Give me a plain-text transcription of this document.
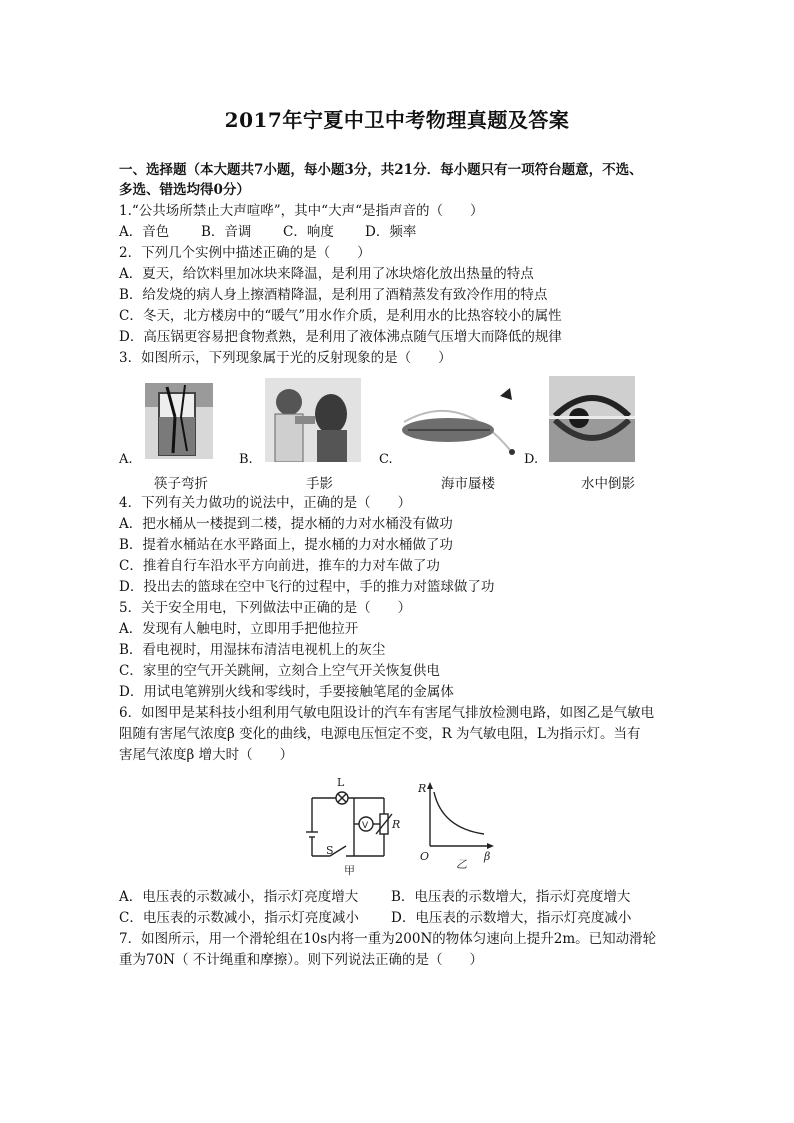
2017年宁夏中卫中考物理真题及答案
一、选择题（本大题共7小题，每小题3分，共21分．每小题只有一项符台题意，不选、
多选、错选均得0分）
1.“公共场所禁止大声喧哗”，其中“大声“是指声音的（　　）
A．音色 B．音调 C．响度 D．频率
2．下列几个实例中描述正确的是（　　）
A．夏天，给饮料里加冰块来降温，是利用了冰块熔化放出热量的特点
B．给发烧的病人身上擦酒精降温，是利用了酒精蒸发有致冷作用的特点
C．冬天，北方楼房中的“暖气”用水作介质，是利用水的比热容较小的属性
D．高压锅更容易把食物煮熟，是利用了液体沸点随气压增大而降低的规律
3．如图所示，下列现象属于光的反射现象的是（　　）
A.	B.	C.	D.
筷子弯折	手影	海市蜃楼	水中倒影
4．下列有关力做功的说法中，正确的是（　　）
A．把水桶从一楼提到二楼，提水桶的力对水桶没有做功
B．提着水桶站在水平路面上，提水桶的力对水桶做了功
C．推着自行车沿水平方向前进，推车的力对车做了功
D．投出去的篮球在空中飞行的过程中，手的推力对篮球做了功
5．关于安全用电，下列做法中正确的是（　　）
A．发现有人触电时，立即用手把他拉开
B．看电视时，用湿抹布清洁电视机上的灰尘
C．家里的空气开关跳闸，立刻合上空气开关恢复供电
D．用试电笔辨别火线和零线时，手要接触笔尾的金属体
6．如图甲是某科技小组利用气敏电阻设计的汽车有害尾气排放检测电路，如图乙是气敏电
阻随有害尾气浓度β 变化的曲线，电源电压恒定不变，R 为气敏电阻，L为指示灯。当有
害尾气浓度β 增大时（　　）
V
L
R
S
甲
R
O	β
乙
A．电压表的示数减小，指示灯亮度增大 B．电压表的示数增大，指示灯亮度增大
C．电压表的示数减小，指示灯亮度减小 D．电压表的示数增大，指示灯亮度减小
7．如图所示，用一个滑轮组在10s内将一重为200N的物体匀速向上提升2m。已知动滑轮
重为70N（ 不计绳重和摩擦）。则下列说法正确的是（　　）
